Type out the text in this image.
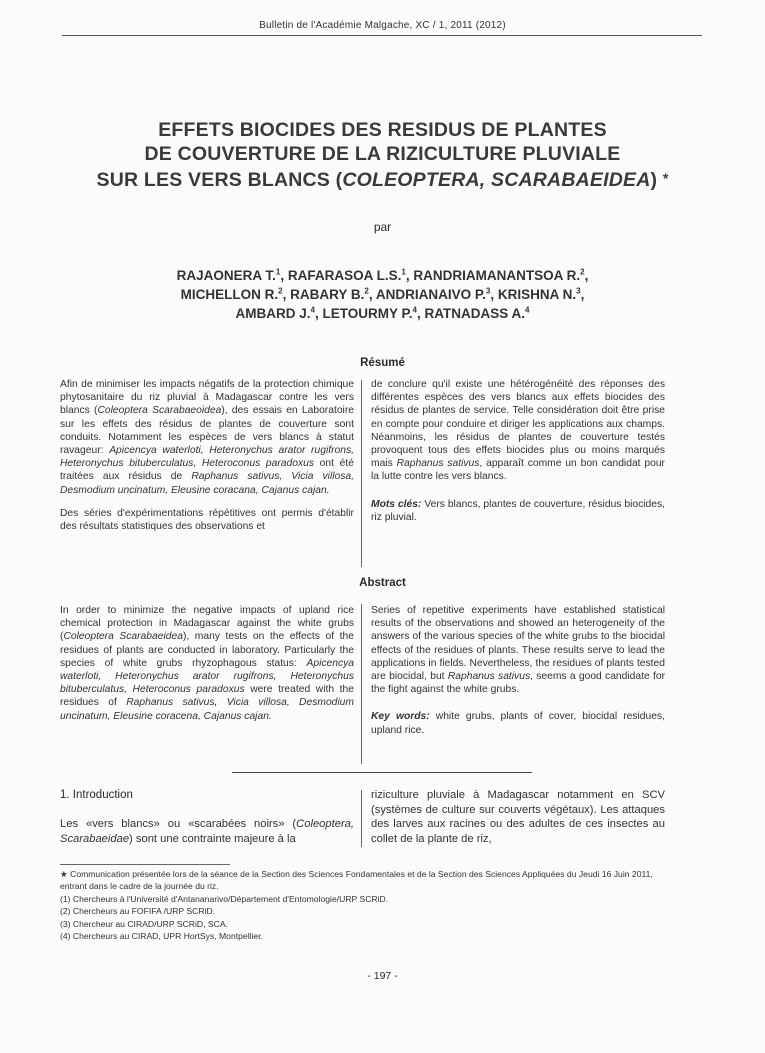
Bulletin de l'Académie Malgache, XC / 1, 2011 (2012)
EFFETS BIOCIDES DES RESIDUS DE PLANTES
DE COUVERTURE DE LA RIZICULTURE PLUVIALE
SUR LES VERS BLANCS (COLEOPTERA, SCARABAEIDEA) *
par
RAJAONERA T.$^1$, RAFARASOA L.S.$^1$, RANDRIAMANANTSOA R.$^2$,
MICHELLON R.$^2$, RABARY B.$^2$, ANDRIANAIVO P.$^3$, KRISHNA N.$^3$,
AMBARD J.$^4$, LETOURMY P.$^4$, RATNADASS A.$^4$
Résumé

Afin de minimiser les impacts négatifs de la protection chimique phytosanitaire du riz pluvial à Madagascar contre les vers blancs (Coleoptera Scarabaeoidea), des essais en Laboratoire sur les effets des résidus de plantes de couverture sont conduits. Notamment les espèces de vers blancs à statut ravageur: Apicencya waterloti, Heteronychus arator rugifrons, Heteronychus bituberculatus, Heteroconus paradoxus ont été traitées aux résidus de Raphanus sativus, Vicia villosa, Desmodium uncinatum, Eleusine coracana, Cajanus cajan.

Des séries d'expérimentations répétitives ont permis d'établir des résultats statistiques des observations et

de conclure qu'il existe une hétérogénéité des réponses des différentes espèces des vers blancs aux effets biocides des résidus de plantes de service. Telle considération doit être prise en compte pour conduire et diriger les applications aux champs. Néanmoins, les résidus de plantes de couverture testés provoquent tous des effets biocides plus ou moins marqués mais Raphanus sativus, apparaît comme un bon candidat pour la lutte contre les vers blancs.

Mots clés: Vers blancs, plantes de couverture, résidus biocides, riz pluvial.

Abstract

In order to minimize the negative impacts of upland rice chemical protection in Madagascar against the white grubs (Coleoptera Scarabaeidea), many tests on the effects of the residues of plants are conducted in laboratory. Particularly the species of white grubs rhyzophagous status: Apicencya waterloti, Heteronychus arator rugifrons, Heteronychus bituberculatus, Heteroconus paradoxus were treated with the residues of Raphanus sativus, Vicia villosa, Desmodium uncinatum, Eleusine coracena, Cajanus cajan.

Series of repetitive experiments have established statistical results of the observations and showed an heterogeneity of the answers of the various species of the white grubs to the biocidal effects of the residues of plants. These results serve to lead the applications in fields. Nevertheless, the residues of plants tested are biocidal, but Raphanus sativus, seems a good candidate for the fight against the white grubs.

Key words: white grubs, plants of cover, biocidal residues, upland rice.

1. Introduction
Les «vers blancs» ou «scarabées noirs» (Coleoptera, Scarabaeidae) sont une contrainte majeure à la
riziculture pluviale à Madagascar notamment en SCV (systèmes de culture sur couverts végétaux). Les attaques des larves aux racines ou des adultes de ces insectes au collet de la plante de riz,
★ Communication présentée lors de la séance de la Section des Sciences Fondamentales et de la Section des Sciences Appliquées du Jeudi 16 Juin 2011, entrant dans le cadre de la journée du riz.
(1) Chercheurs à l'Université d'Antananarivo/Département d'Entomologie/URP SCRiD.
(2) Chercheurs au FOFIFA /URP SCRiD.
(3) Chercheur au CIRAD/URP SCRiD, SCA.
(4) Chercheurs au CIRAD, UPR HortSys, Montpellier.
- 197 -
